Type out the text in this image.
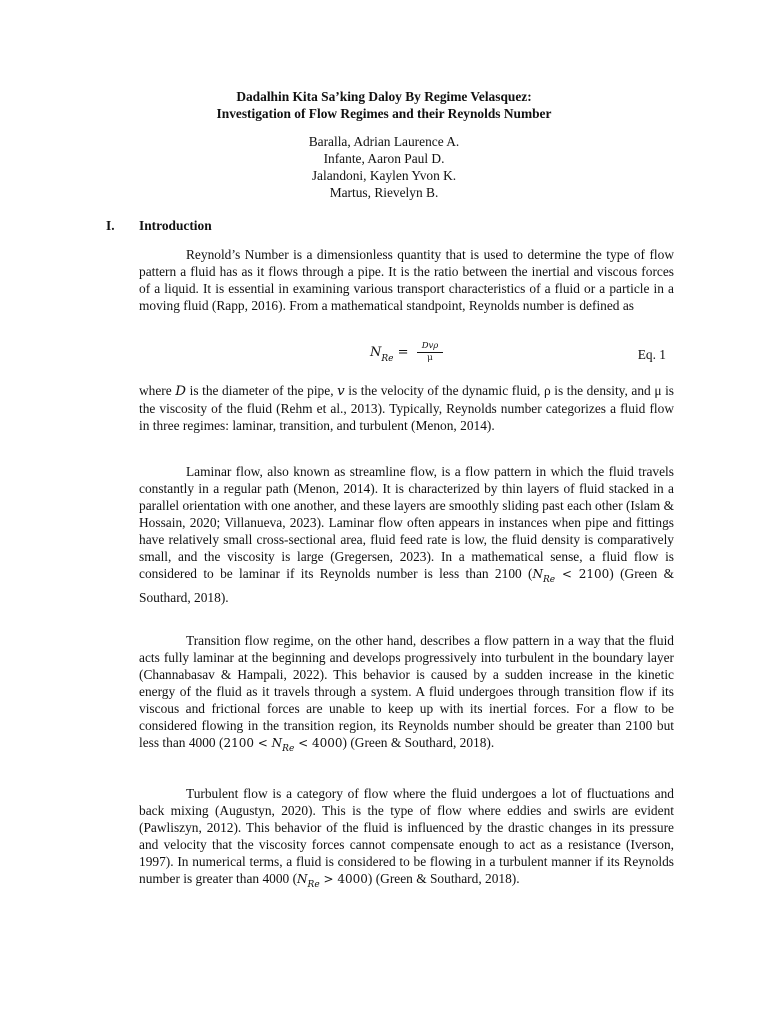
Dadalhin Kita Sa’king Daloy By Regime Velasquez:
Investigation of Flow Regimes and their Reynolds Number
Baralla, Adrian Laurence A.
Infante, Aaron Paul D.
Jalandoni, Kaylen Yvon K.
Martus, Rievelyn B.
I. Introduction

Reynold’s Number is a dimensionless quantity that is used to determine the type of flow pattern a fluid has as it flows through a pipe. It is the ratio between the inertial and viscous forces of a liquid. It is essential in examining various transport characteristics of a fluid or a particle in a moving fluid (Rapp, 2016). From a mathematical standpoint, Reynolds number is defined as

$N_{Re}$ =	Dvρ
μ	Eq. 1

where D is the diameter of the pipe, v is the velocity of the dynamic fluid, ρ is the density, and μ is the viscosity of the fluid (Rehm et al., 2013). Typically, Reynolds number categorizes a fluid flow in three regimes: laminar, transition, and turbulent (Menon, 2014).

Laminar flow, also known as streamline flow, is a flow pattern in which the fluid travels constantly in a regular path (Menon, 2014). It is characterized by thin layers of fluid stacked in a parallel orientation with one another, and these layers are smoothly sliding past each other (Islam & Hossain, 2020; Villanueva, 2023). Laminar flow often appears in instances when pipe and fittings have relatively small cross-sectional area, fluid feed rate is low, the fluid density is comparatively small, and the viscosity is large (Gregersen, 2023). In a mathematical sense, a fluid flow is considered to be laminar if its Reynolds number is less than 2100 $(N_{Re} < 2100)$ (Green & Southard, 2018).

Transition flow regime, on the other hand, describes a flow pattern in a way that the fluid acts fully laminar at the beginning and develops progressively into turbulent in the boundary layer (Channabasav & Hampali, 2022). This behavior is caused by a sudden increase in the kinetic energy of the fluid as it travels through a system. A fluid undergoes through transition flow if its viscous and frictional forces are unable to keep up with its inertial forces. For a flow to be considered flowing in the transition region, its Reynolds number should be greater than 2100 but less than 4000 $(2100 < N_{Re} < 4000)$ (Green & Southard, 2018).

Turbulent flow is a category of flow where the fluid undergoes a lot of fluctuations and back mixing (Augustyn, 2020). This is the type of flow where eddies and swirls are evident (Pawliszyn, 2012). This behavior of the fluid is influenced by the drastic changes in its pressure and velocity that the viscosity forces cannot compensate enough to act as a resistance (Iverson, 1997). In numerical terms, a fluid is considered to be flowing in a turbulent manner if its Reynolds number is greater than 4000 $(N_{Re} > 4000)$ (Green & Southard, 2018).
